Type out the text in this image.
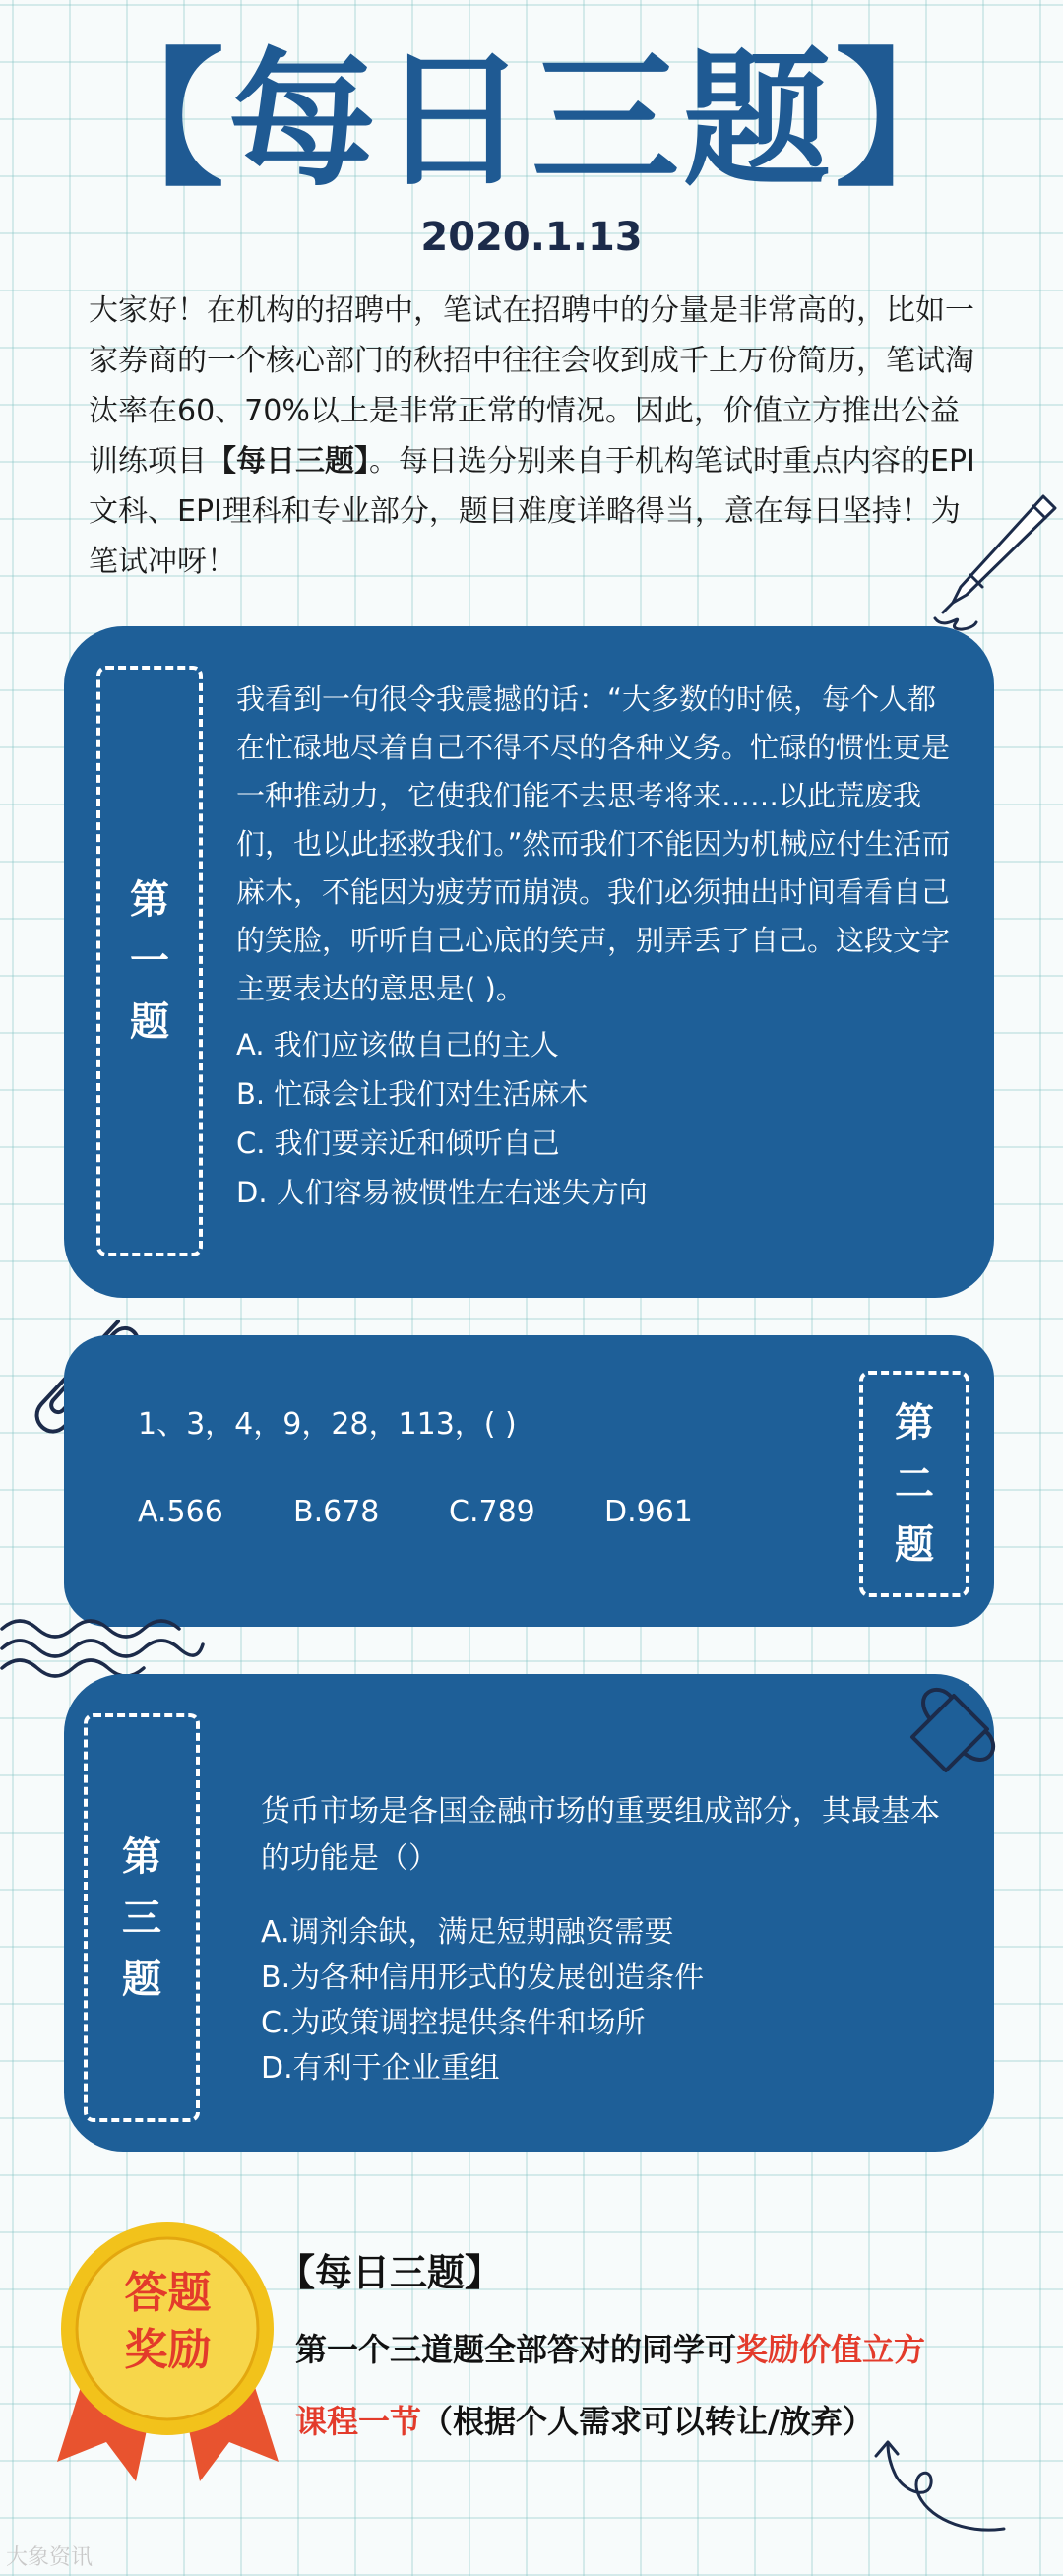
【每日三题】
2020.1.13

大家好！在机构的招聘中，笔试在招聘中的分量是非常高的，比如一家券商的一个核心部门的秋招中往往会收到成千上万份简历，笔试淘汰率在60、70%以上是非常正常的情况。因此，价值立方推出公益训练项目【每日三题】。每日选分别来自于机构笔试时重点内容的EPI文科、EPI理科和专业部分，题目难度详略得当，意在每日坚持！为笔试冲呀！

第
一
题

我看到一句很令我震撼的话：“大多数的时候，每个人都在忙碌地尽着自己不得不尽的各种义务。忙碌的惯性更是一种推动力，它使我们能不去思考将来……以此荒废我们，也以此拯救我们。”然而我们不能因为机械应付生活而麻木，不能因为疲劳而崩溃。我们必须抽出时间看看自己的笑脸，听听自己心底的笑声，别弄丢了自己。这段文字主要表达的意思是( )。

A. 我们应该做自己的主人
B. 忙碌会让我们对生活麻木
C. 我们要亲近和倾听自己
D. 人们容易被惯性左右迷失方向

1、3，4，9，28，113，( )

A.566	B.678	C.789	D.961
第
二
题
第
三
题

货币市场是各国金融市场的重要组成部分，其最基本的功能是（）

A.调剂余缺，满足短期融资需要
B.为各种信用形式的发展创造条件
C.为政策调控提供条件和场所
D.有利于企业重组
答题
奖励
【每日三题】
第一个三道题全部答对的同学可奖励价值立方
课程一节（根据个人需求可以转让/放弃）
大象资讯
